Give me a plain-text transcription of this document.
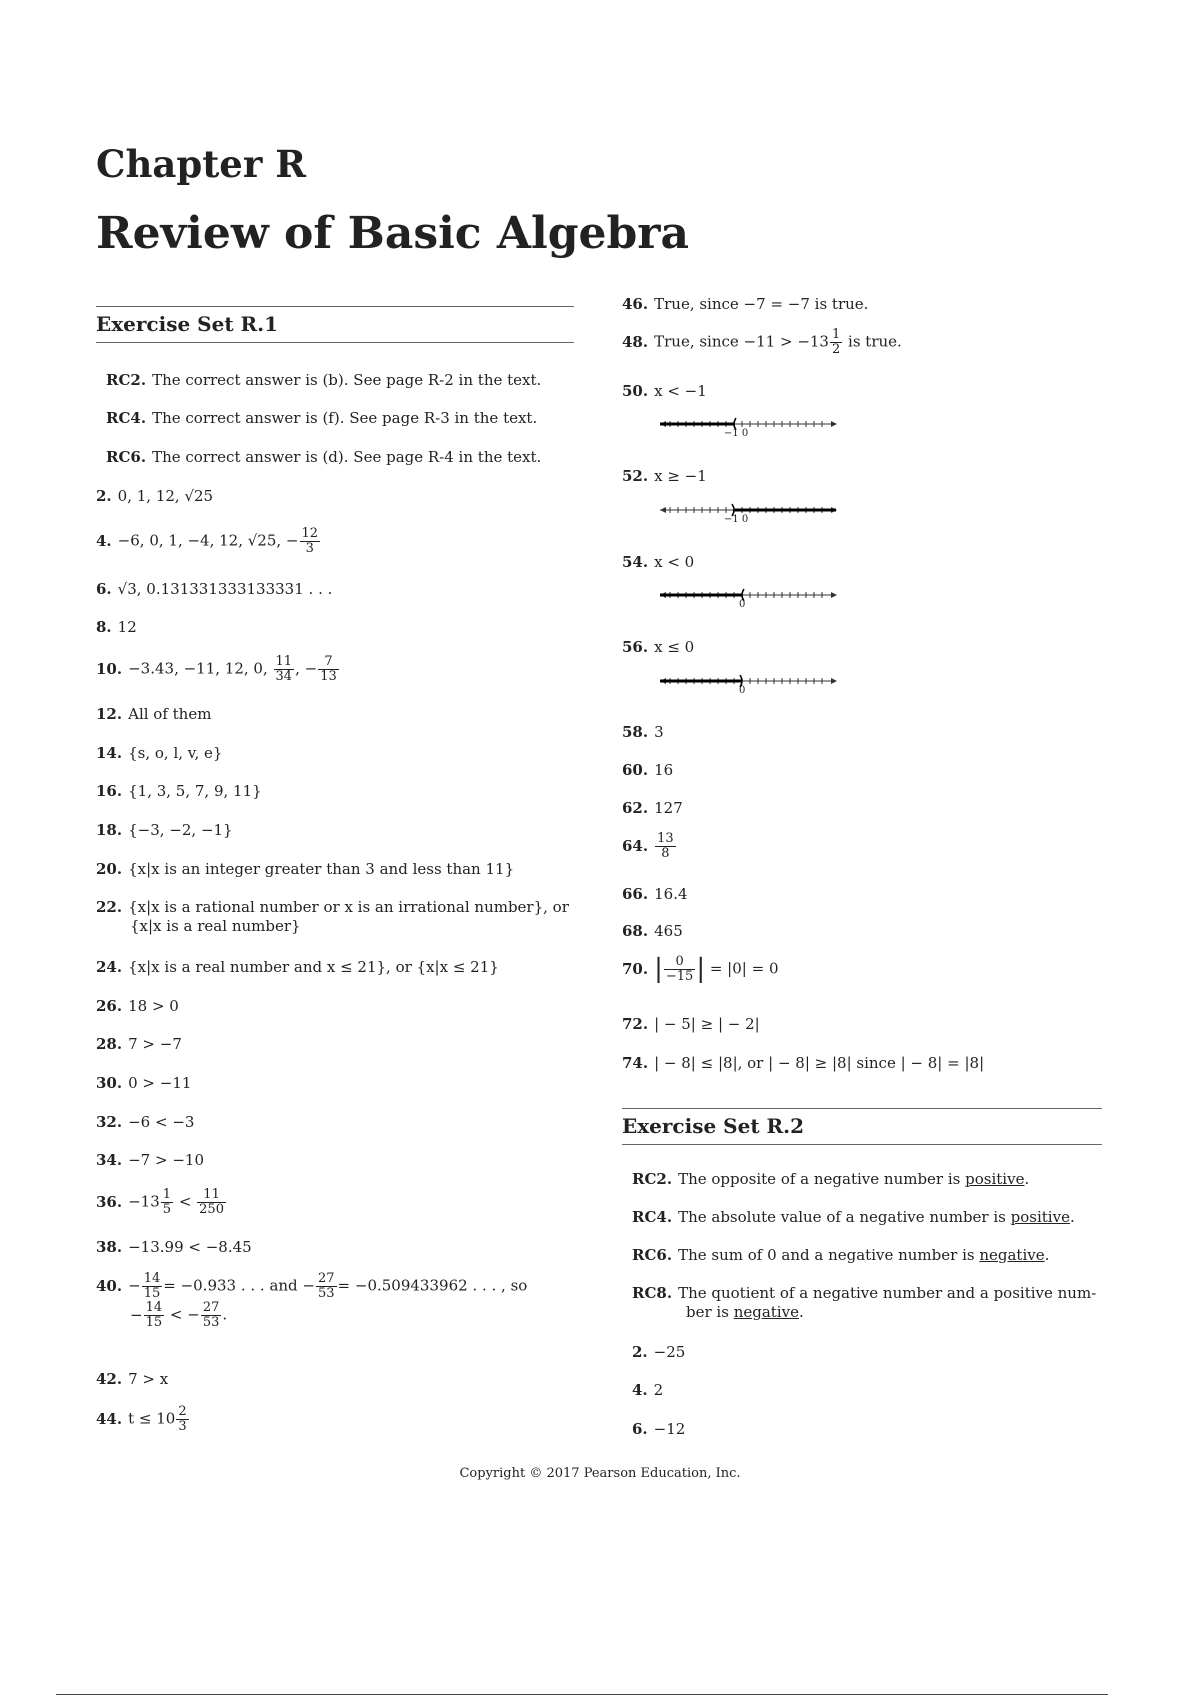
Chapter R
Review of Basic Algebra
Exercise Set R.1
RC2. The correct answer is (b). See page R-2 in the text.
RC4. The correct answer is (f). See page R-3 in the text.
RC6. The correct answer is (d). See page R-4 in the text.
2. 0, 1, 12, √25
4. −6, 0, 1, −4, 12, √25, − $\frac{12}{3}$
6. √3, 0.131331333133331 . . .
8. 12
10. −3.43, −11, 12, 0, $\frac{11}{34}$ , − $\frac{7}{13}$
12. All of them
14. {s, o, l, v, e}
16. {1, 3, 5, 7, 9, 11}
18. {−3, −2, −1}
20. {x|x is an integer greater than 3 and less than 11}
22. {x|x is a rational number or x is an irrational number}, or
{x|x is a real number}
24. {x|x is a real number and x ≤ 21}, or {x|x ≤ 21}
26. 18 > 0
28. 7 > −7
30. 0 > −11
32. −6 < −3
34. −7 > −10
36. $-13 \frac{1}{5} < \frac{11}{250}$
38. −13.99 < −8.45
40. − $\frac{14}{15} = -0.933$ . . . and − $\frac{27}{53} = -0.509433962$ . . . , so
− $\frac{14}{15}$ < − $\frac{27}{53}$ .
42. 7 > x
44. $t \le 10 \frac{2}{3}$
46. True, since −7 = −7 is true.
48. True, since $-11 > -13 \frac{1}{2}$ is true.
50. x < −1
−1 0
52. x ≥ −1
−1 0
54. x < 0
0
56. x ≤ 0
0
58. 3
60. 16
62. 127
64. $\frac{13}{8}$
66. 16.4
68. 465
70. | $\frac{0}{-15}$ | = |0| = 0
72. | − 5| ≥ | − 2|
74. | − 8| ≤ |8|, or | − 8| ≥ |8| since | − 8| = |8|
Exercise Set R.2
RC2. The opposite of a negative number is positive.
RC4. The absolute value of a negative number is positive.
RC6. The sum of 0 and a negative number is negative.
RC8. The quotient of a negative number and a positive num-
ber is negative.
2. −25
4. 2
6. −12
Copyright © 2017 Pearson Education, Inc.
